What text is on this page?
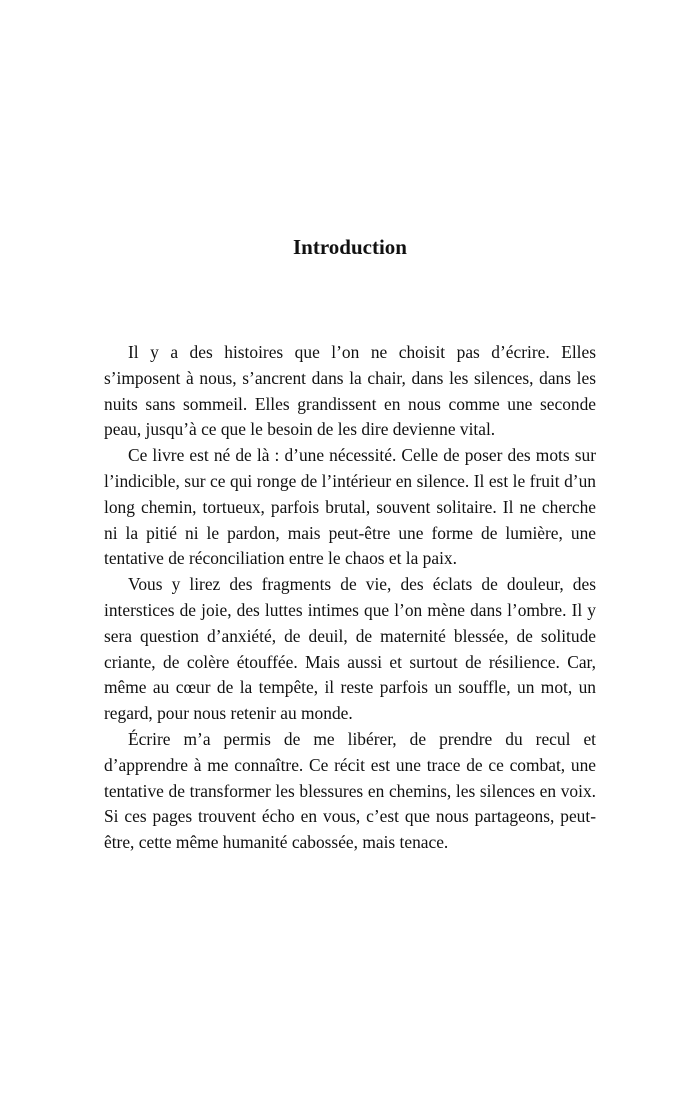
Introduction

Il y a des histoires que l’on ne choisit pas d’écrire. Elles s’imposent à nous, s’ancrent dans la chair, dans les silences, dans les nuits sans sommeil. Elles grandissent en nous comme une seconde peau, jusqu’à ce que le besoin de les dire devienne vital.

Ce livre est né de là : d’une nécessité. Celle de poser des mots sur l’indicible, sur ce qui ronge de l’intérieur en silence. Il est le fruit d’un long chemin, tortueux, parfois brutal, souvent solitaire. Il ne cherche ni la pitié ni le pardon, mais peut-être une forme de lumière, une tentative de réconciliation entre le chaos et la paix.

Vous y lirez des fragments de vie, des éclats de douleur, des interstices de joie, des luttes intimes que l’on mène dans l’ombre. Il y sera question d’anxiété, de deuil, de maternité blessée, de solitude criante, de colère étouffée. Mais aussi et surtout de résilience. Car, même au cœur de la tempête, il reste parfois un souffle, un mot, un regard, pour nous retenir au monde.

Écrire m’a permis de me libérer, de prendre du recul et d’apprendre à me connaître. Ce récit est une trace de ce combat, une tentative de transformer les blessures en chemins, les silences en voix. Si ces pages trouvent écho en vous, c’est que nous partageons, peut-être, cette même humanité cabossée, mais tenace.
